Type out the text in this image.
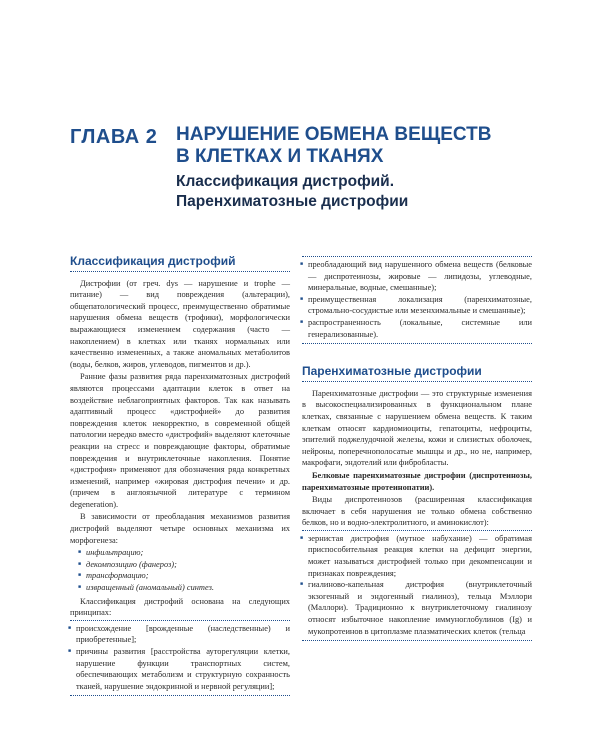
ГЛАВА 2 НАРУШЕНИЕ ОБМЕНА ВЕЩЕСТВ В КЛЕТКАХ И ТКАНЯХ
Классификация дистрофий. Паренхиматозные дистрофии
Классификация дистрофий

Дистрофии (от греч. dys — нарушение и trophe — питание) — вид повреждения (альтерации), общепатологический процесс, преимущественно обратимые нарушения обмена веществ (трофики), морфологически выражающиеся изменением содержания (часто — накоплением) в клетках или тканях нормальных или качественно измененных, а также аномальных метаболитов (воды, белков, жиров, углеводов, пигментов и др.).

Ранние фазы развития ряда паренхиматозных дистрофий являются процессами адаптации клеток в ответ на воздействие неблагоприятных факторов. Так как называть адаптивный процесс «дистрофией» до развития повреждения клеток некорректно, в современной общей патологии нередко вместо «дистрофий» выделяют клеточные реакции на стресс и повреждающие факторы, обратимые повреждения и внутриклеточные накопления. Понятие «дистрофия» применяют для обозначения ряда конкретных изменений, например «жировая дистрофия печени» и др. (причем в англоязычной литературе с термином degeneration).

В зависимости от преобладания механизмов развития дистрофий выделяют четыре основных механизма их морфогенеза:

■ инфильтрацию;
■ декомпозицию (фанероз);
■ трансформацию;
■ извращенный (аномальный) синтез.

Классификация дистрофий основана на следующих принципах:

■ происхождение [врожденные (наследственные) и приобретенные];
■ причины развития [расстройства ауторегуляции клетки, нарушение функции транспортных систем, обеспечивающих метаболизм и структурную сохранность тканей, нарушение эндокринной и нервной регуляции];
■ преобладающий вид нарушенного обмена веществ (белковые — диспротеинозы, жировые — липидозы, углеводные, минеральные, водные, смешанные);
■ преимущественная локализация (паренхиматозные, стромально-сосудистые или мезенхимальные и смешанные);
■ распространенность (локальные, системные или генерализованные).
Паренхиматозные дистрофии

Паренхиматозные дистрофии — это структурные изменения в высокоспециализированных в функциональном плане клетках, связанные с нарушением обмена веществ. К таким клеткам относят кардиомиоциты, гепатоциты, нефроциты, эпителий поджелудочной железы, кожи и слизистых оболочек, нейроны, поперечнополосатые мышцы и др., но не, например, макрофаги, эндотелий или фибробласты.

Белковые паренхиматозные дистрофии (диспротеинозы, паренхиматозные протеинопатии).

Виды диспротеинозов (расширенная классификация включает в себя нарушения не только обмена собственно белков, но и водно-электролитного, и аминокислот):

■ зернистая дистрофия (мутное набухание) — обратимая приспособительная реакция клетки на дефицит энергии, может называться дистрофией только при декомпенсации и признаках повреждения;
■ гиалиново-капельная дистрофия (внутриклеточный экзогенный и эндогенный гиалиноз), тельца Мэллори (Маллори). Традиционно к внутриклеточному гиалинозу относят избыточное накопление иммуноглобулинов (Ig) и мукопротеинов в цитоплазме плазматических клеток (тельца
